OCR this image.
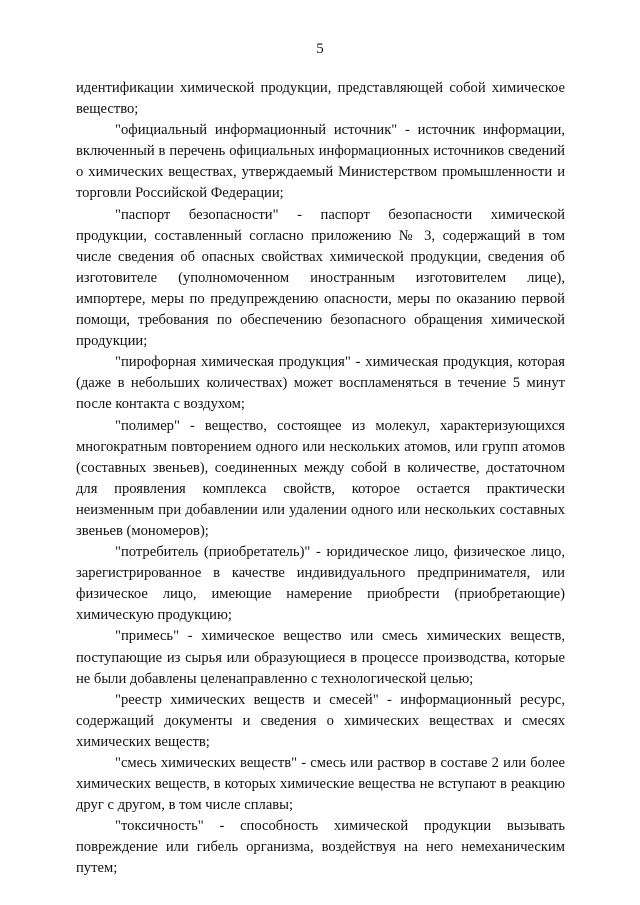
5

идентификации химической продукции, представляющей собой химическое вещество;

"официальный информационный источник" - источник информации, включенный в перечень официальных информационных источников сведений о химических веществах, утверждаемый Министерством промышленности и торговли Российской Федерации;

"паспорт безопасности" - паспорт безопасности химической продукции, составленный согласно приложению № 3, содержащий в том числе сведения об опасных свойствах химической продукции, сведения об изготовителе (уполномоченном иностранным изготовителем лице), импортере, меры по предупреждению опасности, меры по оказанию первой помощи, требования по обеспечению безопасного обращения химической продукции;

"пирофорная химическая продукция" - химическая продукция, которая (даже в небольших количествах) может воспламеняться в течение 5 минут после контакта с воздухом;

"полимер" - вещество, состоящее из молекул, характеризующихся многократным повторением одного или нескольких атомов, или групп атомов (составных звеньев), соединенных между собой в количестве, достаточном для проявления комплекса свойств, которое остается практически неизменным при добавлении или удалении одного или нескольких составных звеньев (мономеров);

"потребитель (приобретатель)" - юридическое лицо, физическое лицо, зарегистрированное в качестве индивидуального предпринимателя, или физическое лицо, имеющие намерение приобрести (приобретающие) химическую продукцию;

"примесь" - химическое вещество или смесь химических веществ, поступающие из сырья или образующиеся в процессе производства, которые не были добавлены целенаправленно с технологической целью;

"реестр химических веществ и смесей" - информационный ресурс, содержащий документы и сведения о химических веществах и смесях химических веществ;

"смесь химических веществ" - смесь или раствор в составе 2 или более химических веществ, в которых химические вещества не вступают в реакцию друг с другом, в том числе сплавы;

"токсичность" - способность химической продукции вызывать повреждение или гибель организма, воздействуя на него немеханическим путем;
